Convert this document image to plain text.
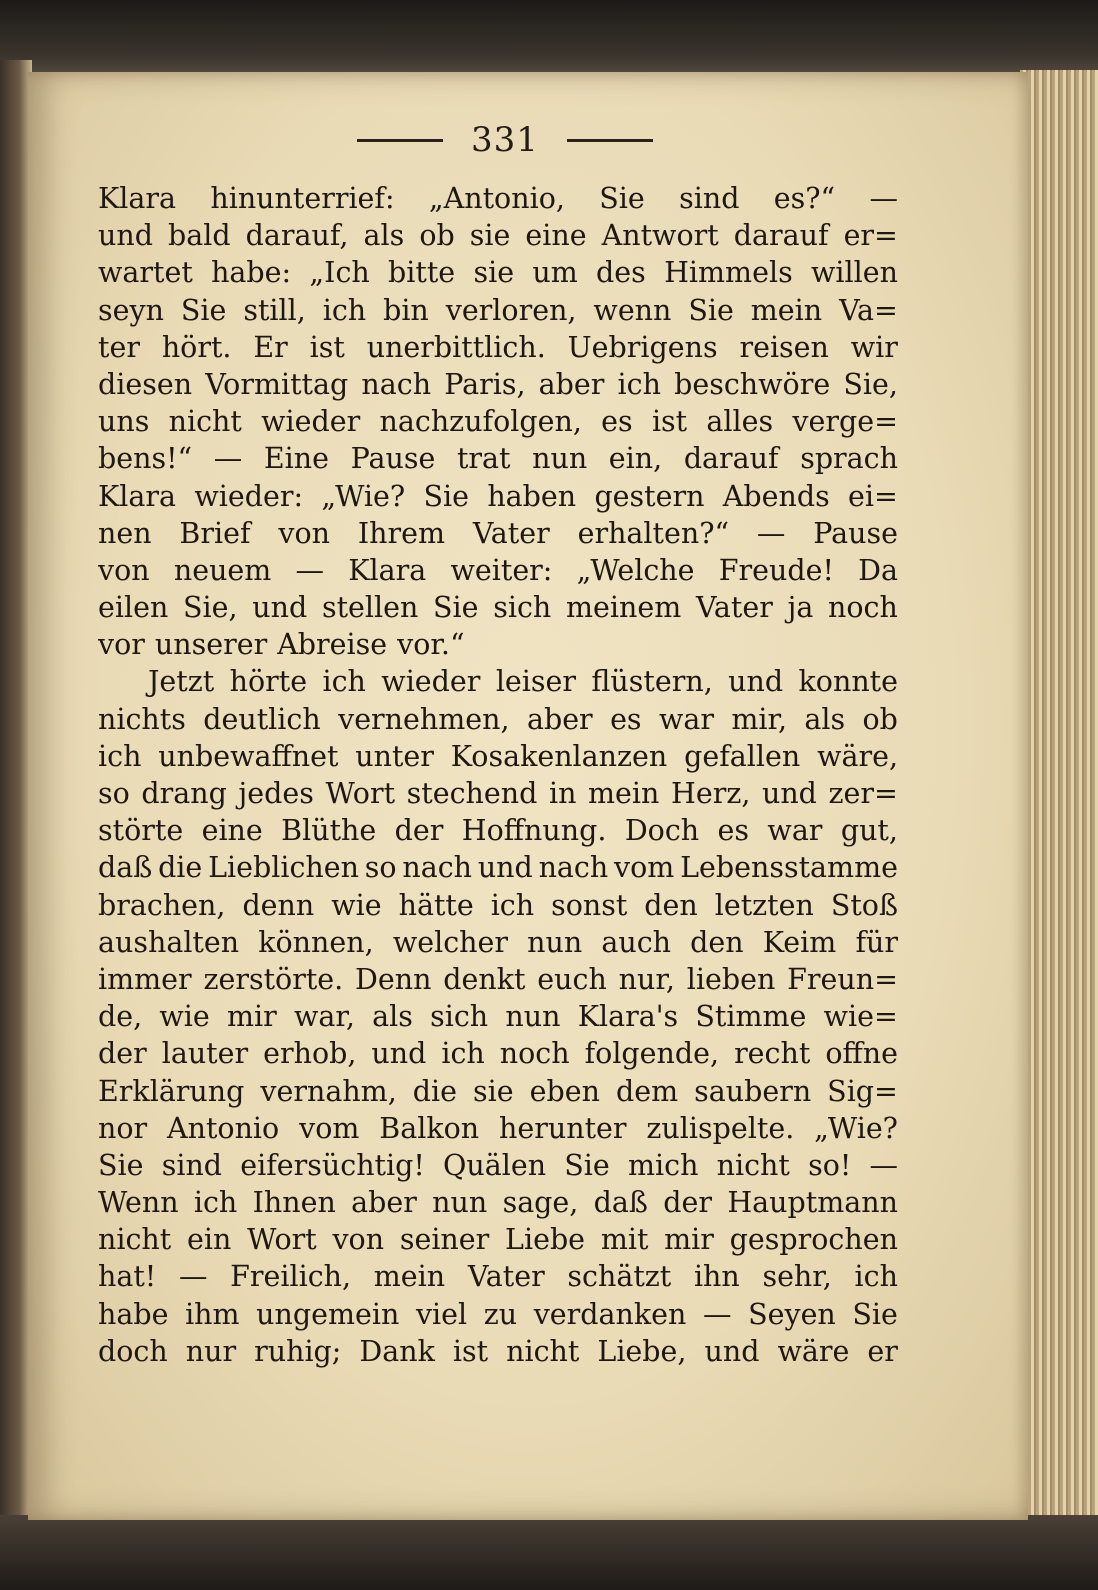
331
Klara hinunterrief: „Antonio, Sie sind es?“ —
und bald darauf, als ob sie eine Antwort darauf er=
wartet habe: „Ich bitte sie um des Himmels willen
seyn Sie still, ich bin verloren, wenn Sie mein Va=
ter hört. Er ist unerbittlich. Uebrigens reisen wir
diesen Vormittag nach Paris, aber ich beschwöre Sie,
uns nicht wieder nachzufolgen, es ist alles verge=
bens!“ — Eine Pause trat nun ein, darauf sprach
Klara wieder: „Wie? Sie haben gestern Abends ei=
nen Brief von Ihrem Vater erhalten?“ — Pause
von neuem — Klara weiter: „Welche Freude! Da
eilen Sie, und stellen Sie sich meinem Vater ja noch
vor unserer Abreise vor.“
Jetzt hörte ich wieder leiser flüstern, und konnte
nichts deutlich vernehmen, aber es war mir, als ob
ich unbewaffnet unter Kosakenlanzen gefallen wäre,
so drang jedes Wort stechend in mein Herz, und zer=
störte eine Blüthe der Hoffnung. Doch es war gut,
daß die Lieblichen so nach und nach vom Lebensstamme
brachen, denn wie hätte ich sonst den letzten Stoß
aushalten können, welcher nun auch den Keim für
immer zerstörte. Denn denkt euch nur, lieben Freun=
de, wie mir war, als sich nun Klara's Stimme wie=
der lauter erhob, und ich noch folgende, recht offne
Erklärung vernahm, die sie eben dem saubern Sig=
nor Antonio vom Balkon herunter zulispelte. „Wie?
Sie sind eifersüchtig! Quälen Sie mich nicht so! —
Wenn ich Ihnen aber nun sage, daß der Hauptmann
nicht ein Wort von seiner Liebe mit mir gesprochen
hat! — Freilich, mein Vater schätzt ihn sehr, ich
habe ihm ungemein viel zu verdanken — Seyen Sie
doch nur ruhig; Dank ist nicht Liebe, und wäre er
